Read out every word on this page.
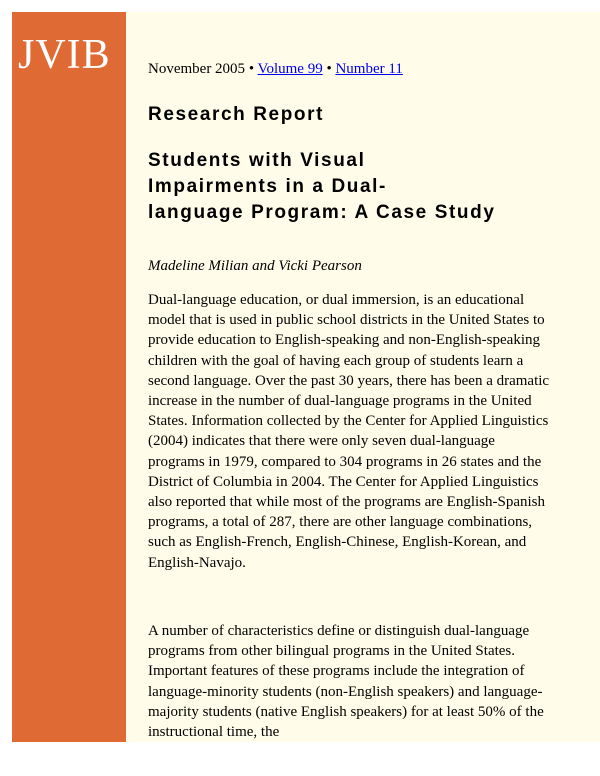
JVIB November 2005 • Volume 99 • Number 11
Research Report
Students with Visual
Impairments in a Dual-
language Program: A Case Study
Madeline Milian and Vicki Pearson
Dual-language education, or dual immersion, is an educational model that is used in public school districts in the United States to provide education to English-speaking and non-English-speaking children with the goal of having each group of students learn a second language. Over the past 30 years, there has been a dramatic increase in the number of dual-language programs in the United States. Information collected by the Center for Applied Linguistics (2004) indicates that there were only seven dual-language programs in 1979, compared to 304 programs in 26 states and the District of Columbia in 2004. The Center for Applied Linguistics also reported that while most of the programs are English-Spanish programs, a total of 287, there are other language combinations, such as English-French, English-Chinese, English-Korean, and English-Navajo.
A number of characteristics define or distinguish dual-language programs from other bilingual programs in the United States. Important features of these programs include the integration of language-minority students (non-English speakers) and language-majority students (native English speakers) for at least 50% of the instructional time, the
